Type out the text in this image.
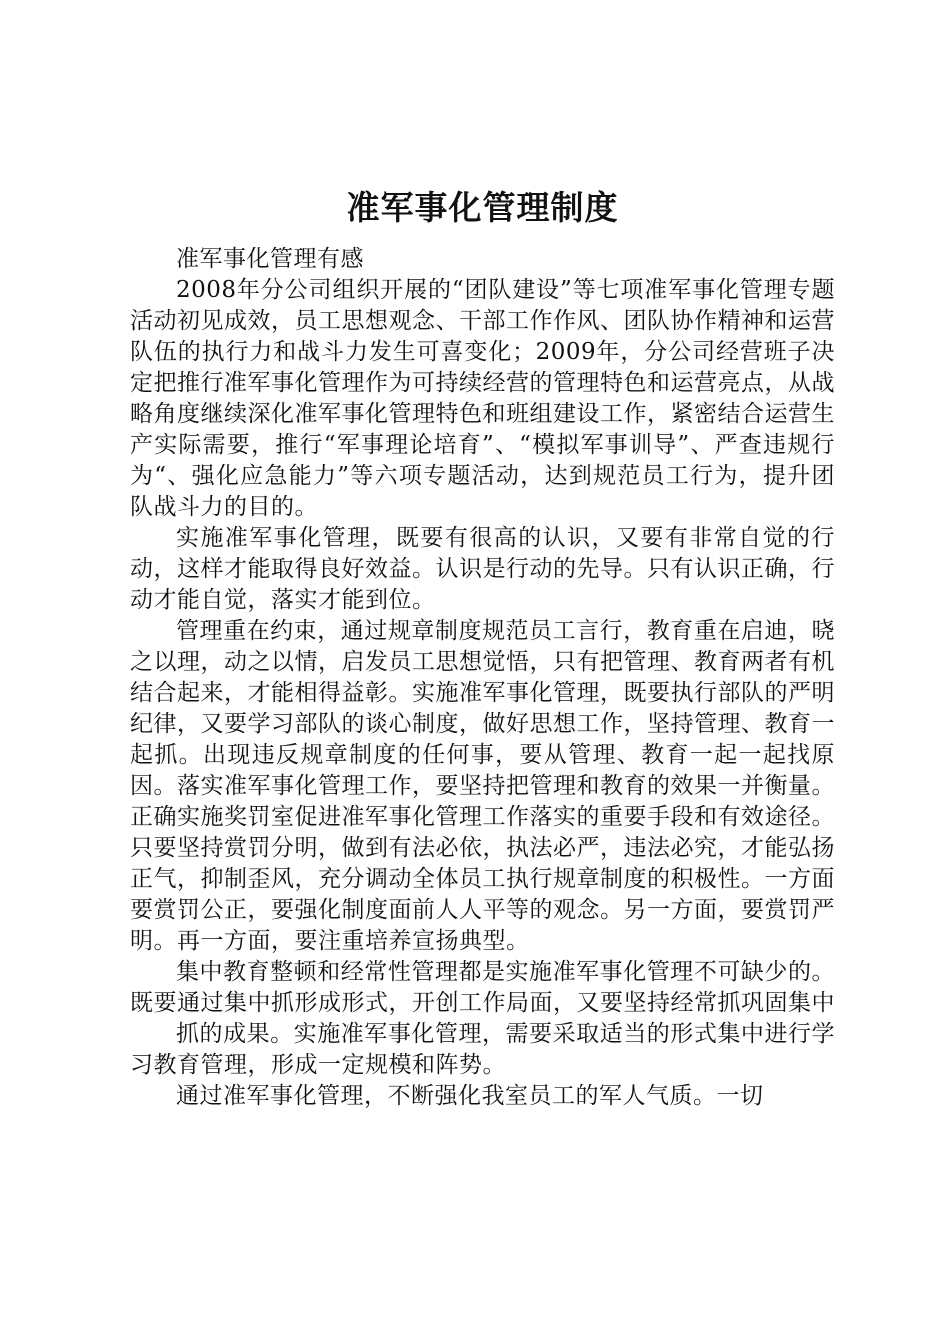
准军事化管理制度

准军事化管理有感

2008年分公司组织开展的“团队建设”等七项准军事化管理专题活动初见成效，员工思想观念、干部工作作风、团队协作精神和运营队伍的执行力和战斗力发生可喜变化；2009年，分公司经营班子决定把推行准军事化管理作为可持续经营的管理特色和运营亮点，从战略角度继续深化准军事化管理特色和班组建设工作，紧密结合运营生产实际需要，推行“军事理论培育”、“模拟军事训导”、严查违规行为“、强化应急能力”等六项专题活动，达到规范员工行为，提升团队战斗力的目的。

实施准军事化管理，既要有很高的认识，又要有非常自觉的行动，这样才能取得良好效益。认识是行动的先导。只有认识正确，行动才能自觉，落实才能到位。

管理重在约束，通过规章制度规范员工言行，教育重在启迪，晓之以理，动之以情，启发员工思想觉悟，只有把管理、教育两者有机结合起来，才能相得益彰。实施准军事化管理，既要执行部队的严明纪律，又要学习部队的谈心制度，做好思想工作，坚持管理、教育一起抓。出现违反规章制度的任何事，要从管理、教育一起一起找原因。落实准军事化管理工作，要坚持把管理和教育的效果一并衡量。正确实施奖罚室促进准军事化管理工作落实的重要手段和有效途径。只要坚持赏罚分明，做到有法必依，执法必严，违法必究，才能弘扬正气，抑制歪风，充分调动全体员工执行规章制度的积极性。一方面要赏罚公正，要强化制度面前人人平等的观念。另一方面，要赏罚严明。再一方面，要注重培养宣扬典型。

集中教育整顿和经常性管理都是实施准军事化管理不可缺少的。既要通过集中抓形成形式，开创工作局面，又要坚持经常抓巩固集中

抓的成果。实施准军事化管理，需要采取适当的形式集中进行学习教育管理，形成一定规模和阵势。

通过准军事化管理，不断强化我室员工的军人气质。一切
